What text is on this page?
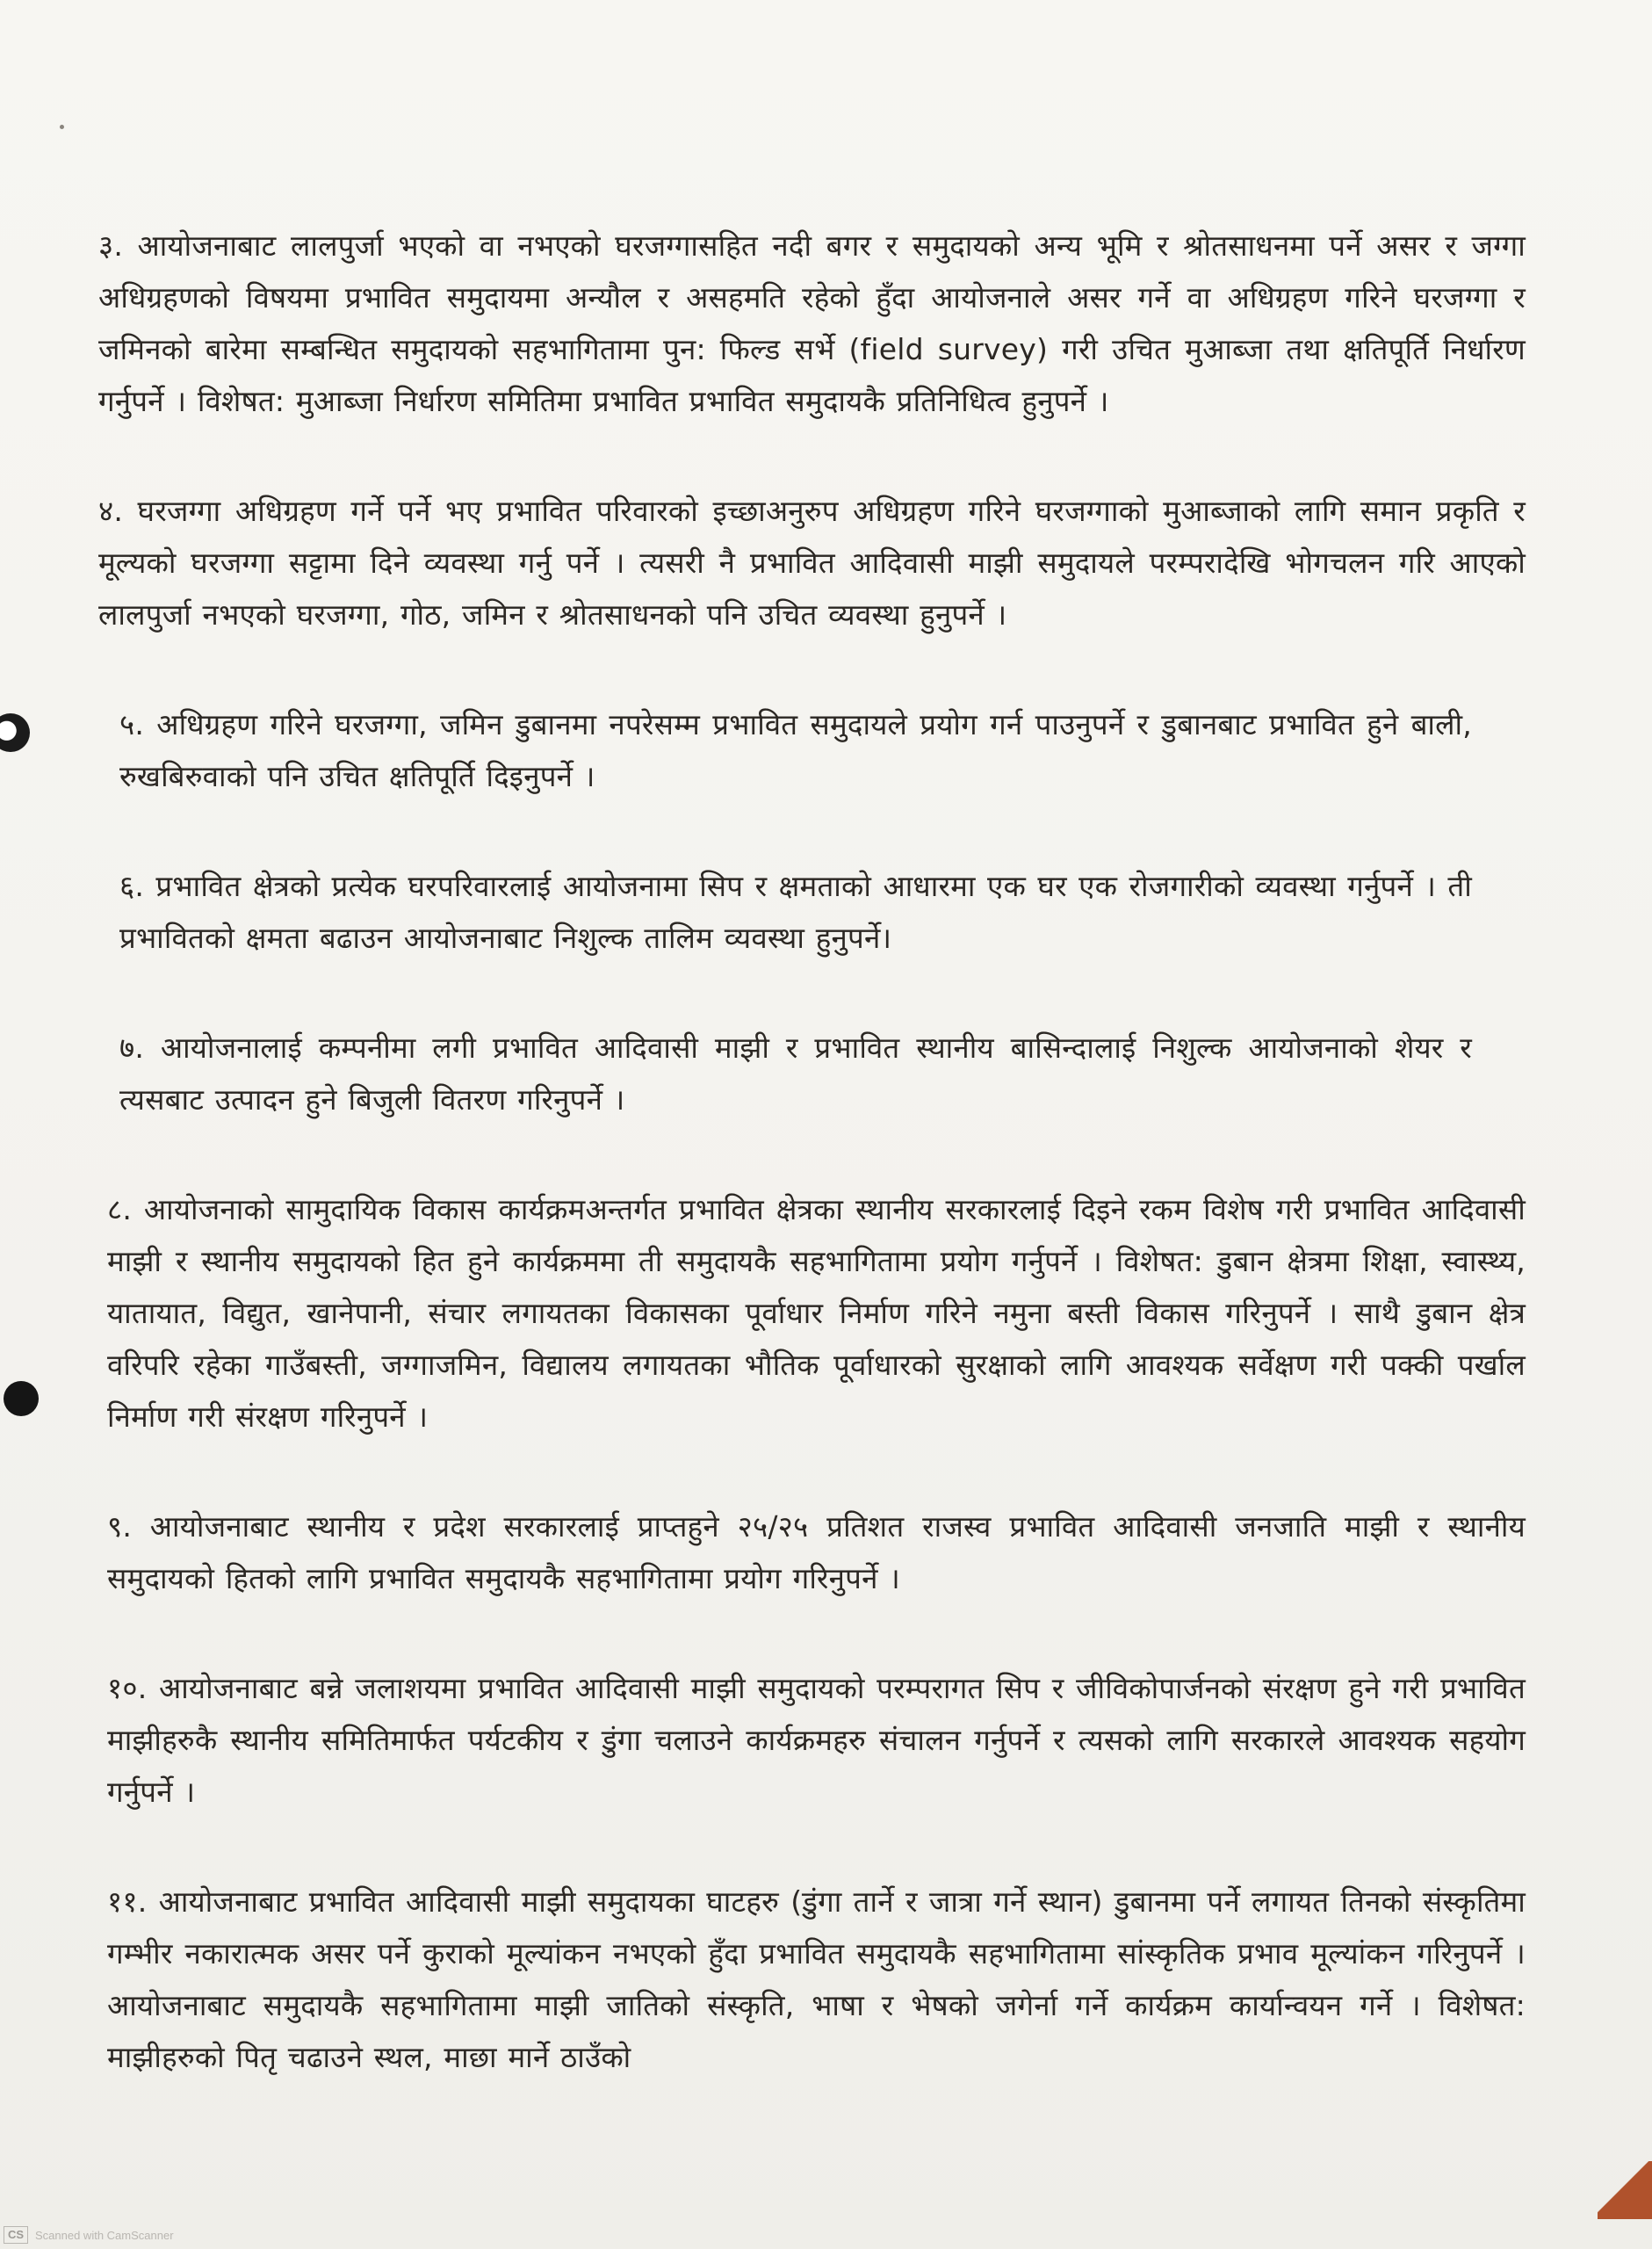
३. आयोजनाबाट लालपुर्जा भएको वा नभएको घरजग्गासहित नदी बगर र समुदायको अन्य भूमि र श्रोतसाधनमा पर्ने असर र जग्गा अधिग्रहणको विषयमा प्रभावित समुदायमा अन्यौल र असहमति रहेको हुँदा आयोजनाले असर गर्ने वा अधिग्रहण गरिने घरजग्गा र जमिनको बारेमा सम्बन्धित समुदायको सहभागितामा पुन: फिल्ड सर्भे (field survey) गरी उचित मुआब्जा तथा क्षतिपूर्ति निर्धारण गर्नुपर्ने । विशेषत: मुआब्जा निर्धारण समितिमा प्रभावित प्रभावित समुदायकै प्रतिनिधित्व हुनुपर्ने ।

४. घरजग्गा अधिग्रहण गर्ने पर्ने भए प्रभावित परिवारको इच्छाअनुरुप अधिग्रहण गरिने घरजग्गाको मुआब्जाको लागि समान प्रकृति र मूल्यको घरजग्गा सट्टामा दिने व्यवस्था गर्नु पर्ने । त्यसरी नै प्रभावित आदिवासी माझी समुदायले परम्परादेखि भोगचलन गरि आएको लालपुर्जा नभएको घरजग्गा, गोठ, जमिन र श्रोतसाधनको पनि उचित व्यवस्था हुनुपर्ने ।

५. अधिग्रहण गरिने घरजग्गा, जमिन डुबानमा नपरेसम्म प्रभावित समुदायले प्रयोग गर्न पाउनुपर्ने र डुबानबाट प्रभावित हुने बाली, रुखबिरुवाको पनि उचित क्षतिपूर्ति दिइनुपर्ने ।

६. प्रभावित क्षेत्रको प्रत्येक घरपरिवारलाई आयोजनामा सिप र क्षमताको आधारमा एक घर एक रोजगारीको व्यवस्था गर्नुपर्ने । ती प्रभावितको क्षमता बढाउन आयोजनाबाट निशुल्क तालिम व्यवस्था हुनुपर्ने।

७. आयोजनालाई कम्पनीमा लगी प्रभावित आदिवासी माझी र प्रभावित स्थानीय बासिन्दालाई निशुल्क आयोजनाको शेयर र त्यसबाट उत्पादन हुने बिजुली वितरण गरिनुपर्ने ।

८. आयोजनाको सामुदायिक विकास कार्यक्रमअन्तर्गत प्रभावित क्षेत्रका स्थानीय सरकारलाई दिइने रकम विशेष गरी प्रभावित आदिवासी माझी र स्थानीय समुदायको हित हुने कार्यक्रममा ती समुदायकै सहभागितामा प्रयोग गर्नुपर्ने । विशेषत: डुबान क्षेत्रमा शिक्षा, स्वास्थ्य, यातायात, विद्युत, खानेपानी, संचार लगायतका विकासका पूर्वाधार निर्माण गरिने नमुना बस्ती विकास गरिनुपर्ने । साथै डुबान क्षेत्र वरिपरि रहेका गाउँबस्ती, जग्गाजमिन, विद्यालय लगायतका भौतिक पूर्वाधारको सुरक्षाको लागि आवश्यक सर्वेक्षण गरी पक्की पर्खाल निर्माण गरी संरक्षण गरिनुपर्ने ।

९. आयोजनाबाट स्थानीय र प्रदेश सरकारलाई प्राप्तहुने २५/२५ प्रतिशत राजस्व प्रभावित आदिवासी जनजाति माझी र स्थानीय समुदायको हितको लागि प्रभावित समुदायकै सहभागितामा प्रयोग गरिनुपर्ने ।

१०. आयोजनाबाट बन्ने जलाशयमा प्रभावित आदिवासी माझी समुदायको परम्परागत सिप र जीविकोपार्जनको संरक्षण हुने गरी प्रभावित माझीहरुकै स्थानीय समितिमार्फत पर्यटकीय र डुंगा चलाउने कार्यक्रमहरु संचालन गर्नुपर्ने र त्यसको लागि सरकारले आवश्यक सहयोग गर्नुपर्ने ।

११. आयोजनाबाट प्रभावित आदिवासी माझी समुदायका घाटहरु (डुंगा तार्ने र जात्रा गर्ने स्थान) डुबानमा पर्ने लगायत तिनको संस्कृतिमा गम्भीर नकारात्मक असर पर्ने कुराको मूल्यांकन नभएको हुँदा प्रभावित समुदायकै सहभागितामा सांस्कृतिक प्रभाव मूल्यांकन गरिनुपर्ने । आयोजनाबाट समुदायकै सहभागितामा माझी जातिको संस्कृति, भाषा र भेषको जगेर्ना गर्ने कार्यक्रम कार्यान्वयन गर्ने । विशेषत: माझीहरुको पितृ चढाउने स्थल, माछा मार्ने ठाउँको

CS Scanned with CamScanner
